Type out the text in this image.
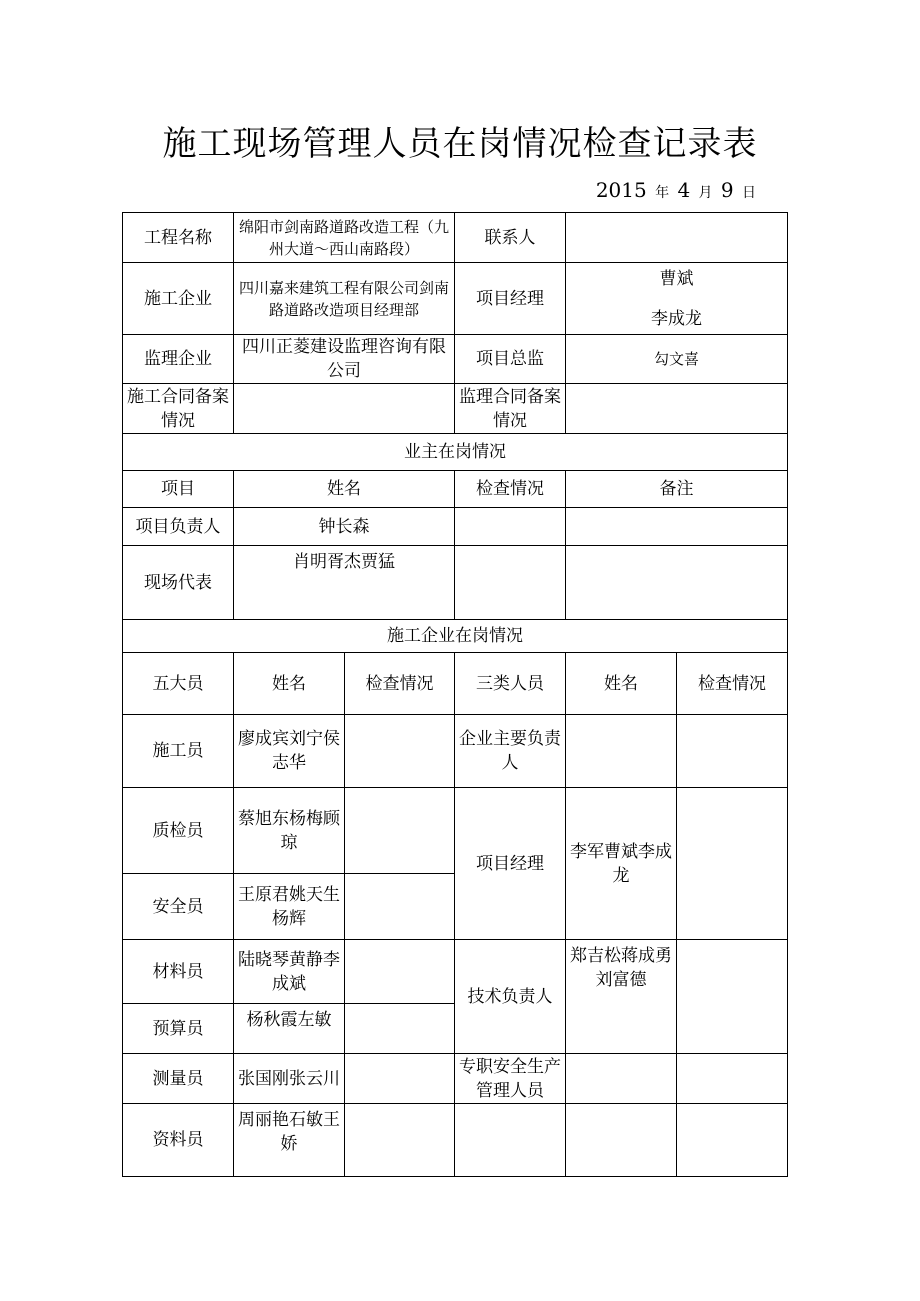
施工现场管理人员在岗情况检查记录表
2015 年 4 月 9 日
工程名称	绵阳市剑南路道路改造工程（九州大道～西山南路段）		联系人		
施工企业	四川嘉来建筑工程有限公司剑南路道路改造项目经理部		项目经理	曹斌
李成龙	

监理企业	四川正菱建设监理咨询有限公司		项目总监	勾文喜	
施工合同备案情况			监理合同备案情况		
业主在岗情况					
项目	姓名		检查情况	备注	
项目负责人	钟长森				
现场代表	肖明胥杰贾猛				
施工企业在岗情况					
五大员	姓名	检查情况	三类人员	姓名	检查情况
施工员	廖成宾刘宁侯志华		企业主要负责人		
质检员	蔡旭东杨梅顾琼		项目经理	李军曹斌李成龙	
安全员	王原君姚天生杨辉				
材料员	陆晓琴黄静李成斌		技术负责人	郑吉松蒋成勇刘富德	
预算员	杨秋霞左敏				
测量员	张国刚张云川		专职安全生产管理人员		
资料员	周丽艳石敏王娇				
